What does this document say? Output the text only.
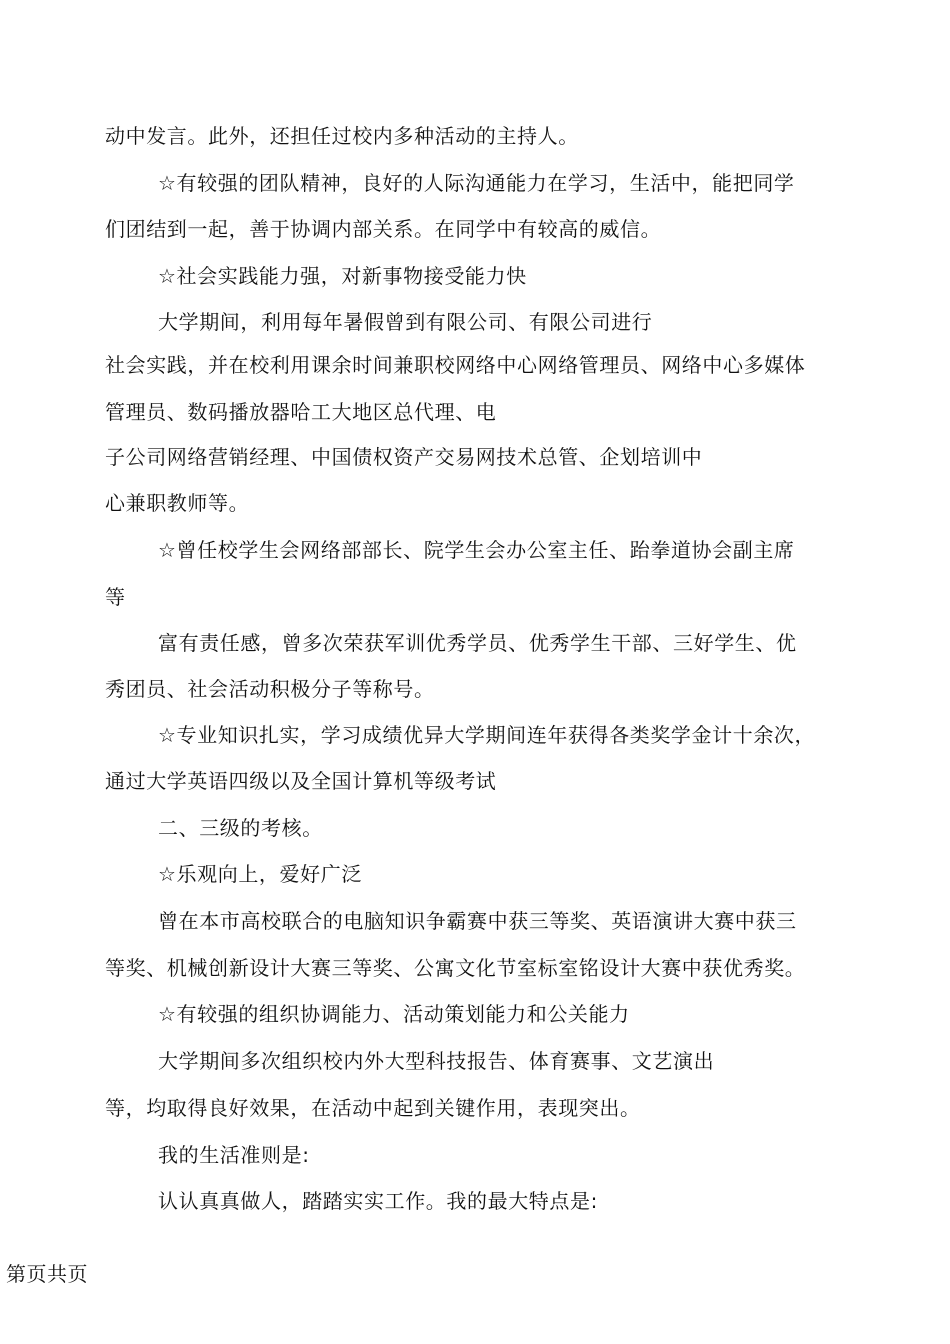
动中发言。此外，还担任过校内多种活动的主持人。
☆有较强的团队精神，良好的人际沟通能力在学习，生活中，能把同学
们团结到一起，善于协调内部关系。在同学中有较高的威信。
☆社会实践能力强，对新事物接受能力快
大学期间，利用每年暑假曾到有限公司、有限公司进行
社会实践，并在校利用课余时间兼职校网络中心网络管理员、网络中心多媒体
管理员、数码播放器哈工大地区总代理、电
子公司网络营销经理、中国债权资产交易网技术总管、企划培训中
心兼职教师等。
☆曾任校学生会网络部部长、院学生会办公室主任、跆拳道协会副主席
等
富有责任感，曾多次荣获军训优秀学员、优秀学生干部、三好学生、优
秀团员、社会活动积极分子等称号。
☆专业知识扎实，学习成绩优异大学期间连年获得各类奖学金计十余次，
通过大学英语四级以及全国计算机等级考试
二、三级的考核。
☆乐观向上，爱好广泛
曾在本市高校联合的电脑知识争霸赛中获三等奖、英语演讲大赛中获三
等奖、机械创新设计大赛三等奖、公寓文化节室标室铭设计大赛中获优秀奖。
☆有较强的组织协调能力、活动策划能力和公关能力
大学期间多次组织校内外大型科技报告、体育赛事、文艺演出
等，均取得良好效果，在活动中起到关键作用，表现突出。
我的生活准则是:
认认真真做人，踏踏实实工作。我的最大特点是:
第页共页
